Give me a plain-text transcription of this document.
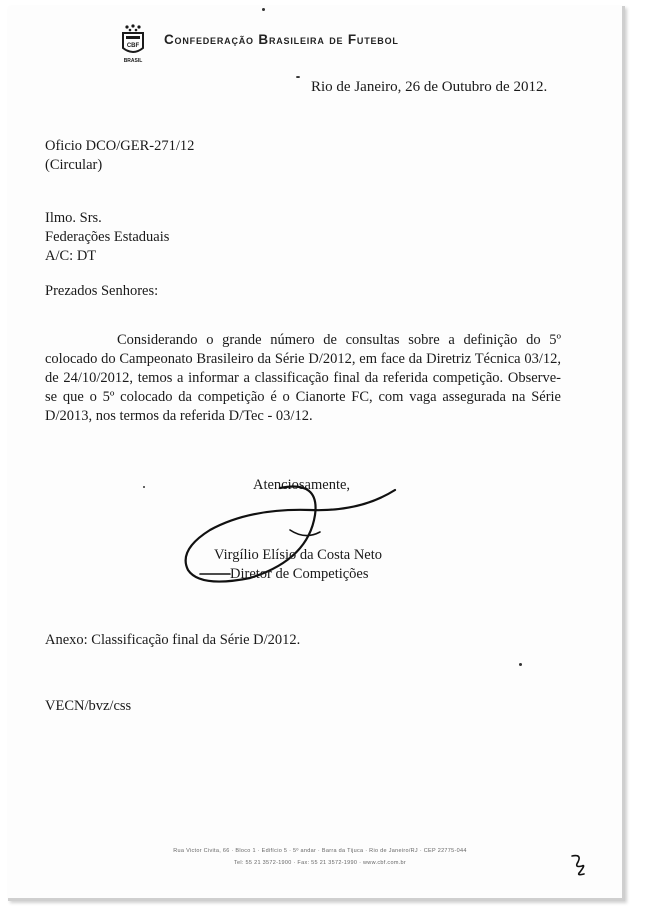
CBF
BRASIL
Confederação Brasileira de Futebol
Rio de Janeiro, 26 de Outubro de 2012.
Oficio DCO/GER-271/12
(Circular)
Ilmo. Srs.
Federações Estaduais
A/C: DT
Prezados Senhores:
Considerando o grande número de consultas sobre a definição do 5º colocado do Campeonato Brasileiro da Série D/2012, em face da Diretriz Técnica 03/12, de 24/10/2012, temos a informar a classificação final da referida competição. Observe-se que o 5º colocado da competição é o Cianorte FC, com vaga assegurada na Série D/2013, nos termos da referida D/Tec - 03/12.
Atenciosamente,
Virgílio Elísio da Costa Neto
Diretor de Competições
Anexo: Classificação final da Série D/2012.
VECN/bvz/css
Rua Victor Civita, 66 · Bloco 1 · Edifício 5 · 5º andar · Barra da Tijuca · Rio de Janeiro/RJ · CEP 22775-044
Tel: 55 21 3572-1900 · Fax: 55 21 3572-1990 · www.cbf.com.br
